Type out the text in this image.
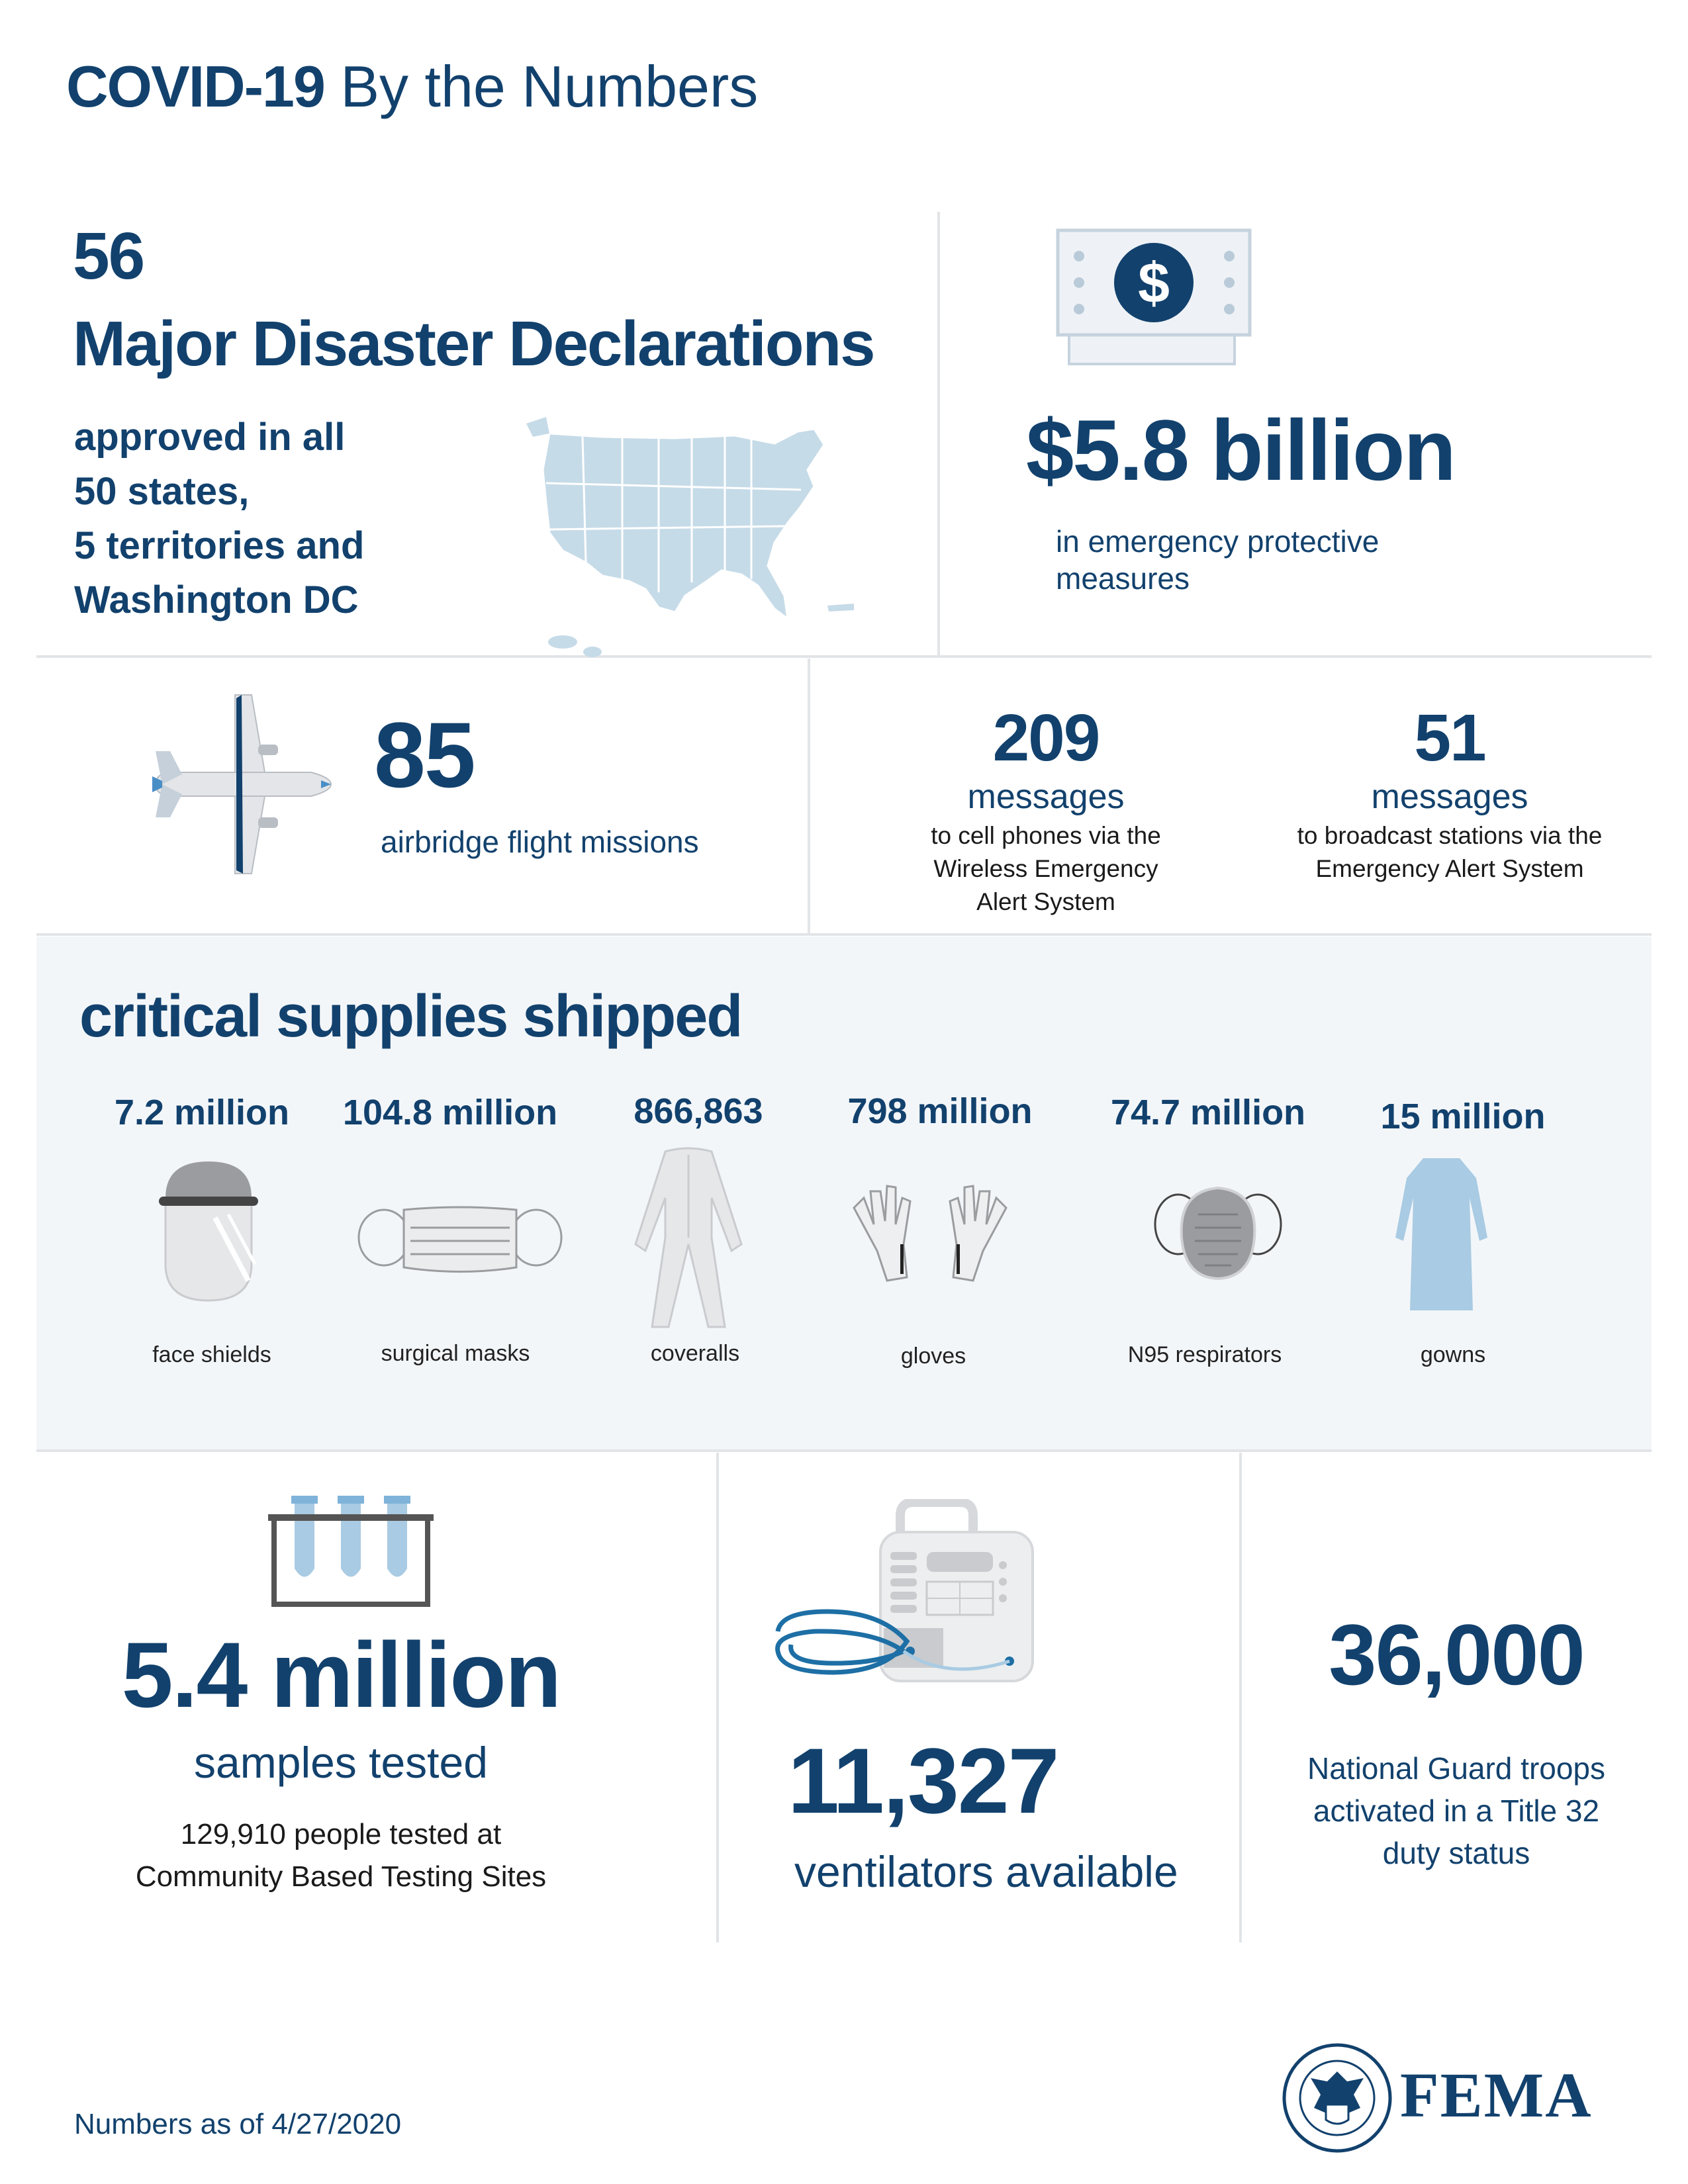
COVID-19 By the Numbers
56
Major Disaster Declarations
approved in all
50 states,
5 territories and
Washington DC
$
$5.8 billion
in emergency protective
measures
85
airbridge flight missions
209
messages
to cell phones via the
Wireless Emergency
Alert System
51
messages
to broadcast stations via the
Emergency Alert System
critical supplies shipped
7.2 million	104.8 million	866,863	798 million	74.7 million	15 million
face shields	surgical masks	coveralls	gloves	N95 respirators	gowns
5.4 million
samples tested
129,910 people tested at
Community Based Testing Sites
11,327
ventilators available
36,000
National Guard troops
activated in a Title 32
duty status
Numbers as of 4/27/2020	FEMA
